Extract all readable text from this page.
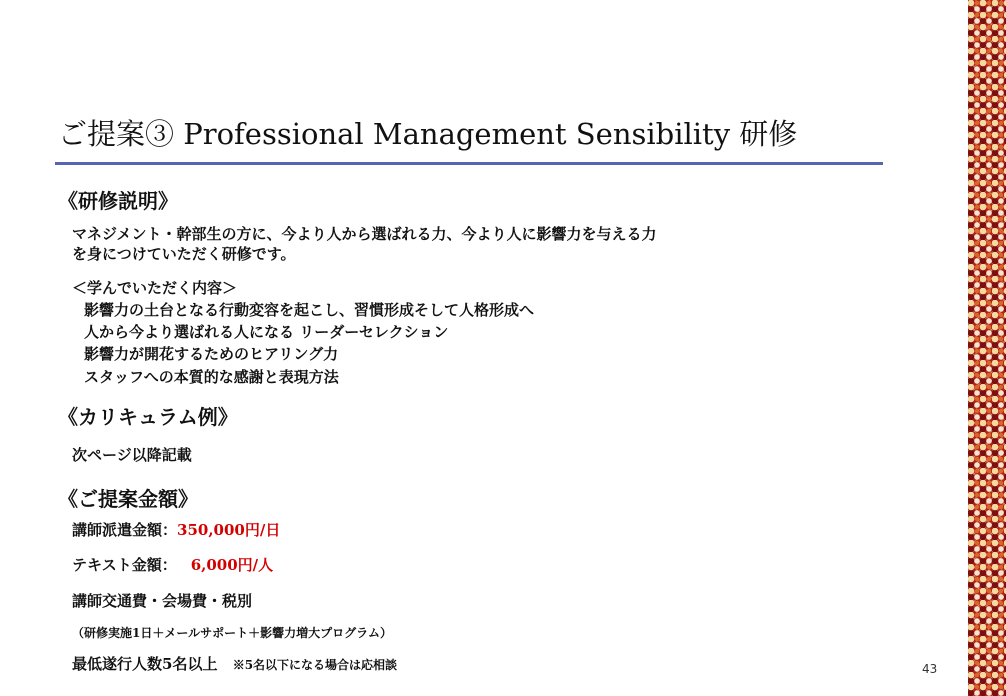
ご提案③ Professional Management Sensibility 研修
《研修説明》
マネジメント・幹部生の方に、今より人から選ばれる力、今より人に影響力を与える力
を身につけていただく研修です。
＜学んでいただく内容＞
影響力の土台となる行動変容を起こし、習慣形成そして人格形成へ
人から今より選ばれる人になる リーダーセレクション
影響力が開花するためのヒアリング力
スタッフへの本質的な感謝と表現方法
《カリキュラム例》
次ページ以降記載
《ご提案金額》
講師派遣金額：350,000円/日
テキスト金額： 6,000円/人
講師交通費・会場費・税別
（研修実施1日＋メールサポート＋影響力増大プログラム）
最低遂行人数5名以上 ※5名以下になる場合は応相談	43
